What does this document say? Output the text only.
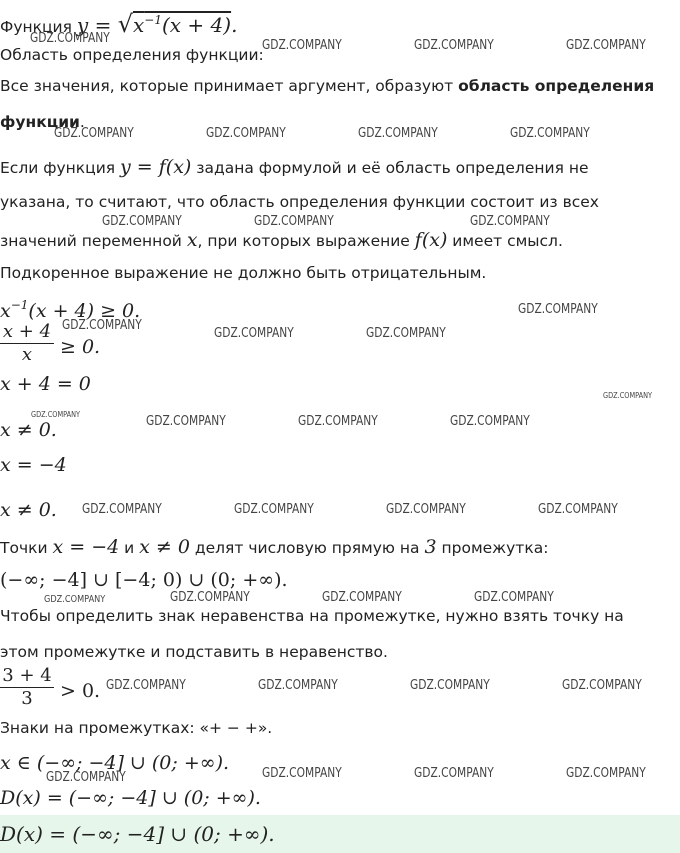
Функция $y = √x^{-1}(x + 4)$.
Область определения функции:
Все значения, которые принимает аргумент, образуют область определения
функции.
Если функция y = f(x) задана формулой и её область определения не
указана, то считают, что область определения функции состоит из всех
значений переменной x, при которых выражение f(x) имеет смысл.
Подкоренное выражение не должно быть отрицательным.
$x^{-1}(x + 4) \ge 0$.
x + 4
x	≥ 0.
x + 4 = 0
x ≠ 0.
x = −4
x ≠ 0.
Точки x = −4 и x ≠ 0 делят числовую прямую на 3 промежутка:
(−∞; −4] ∪ [−4; 0) ∪ (0; +∞).
Чтобы определить знак неравенства на промежутке, нужно взять точку на
этом промежутке и подставить в неравенство.
3 + 4
3	> 0.
Знаки на промежутках: «+ − +».
x ∈ (−∞; −4] ∪ (0; +∞).
D(x) = (−∞; −4] ∪ (0; +∞).
D(x) = (−∞; −4] ∪ (0; +∞).
GDZ.COMPANY	GDZ.COMPANY	GDZ.COMPANY	GDZ.COMPANY
GDZ.COMPANY	GDZ.COMPANY	GDZ.COMPANY	GDZ.COMPANY
GDZ.COMPANY	GDZ.COMPANY	GDZ.COMPANY
GDZ.COMPANY
GDZ.COMPANY
GDZ.COMPANY	GDZ.COMPANY
GDZ.COMPANY
GDZ.COMPANY	GDZ.COMPANY	GDZ.COMPANY	GDZ.COMPANY
GDZ.COMPANY	GDZ.COMPANY	GDZ.COMPANY	GDZ.COMPANY
GDZ.COMPANY	GDZ.COMPANY	GDZ.COMPANY	GDZ.COMPANY
GDZ.COMPANY	GDZ.COMPANY	GDZ.COMPANY	GDZ.COMPANY
GDZ.COMPANY	GDZ.COMPANY	GDZ.COMPANY	GDZ.COMPANY
